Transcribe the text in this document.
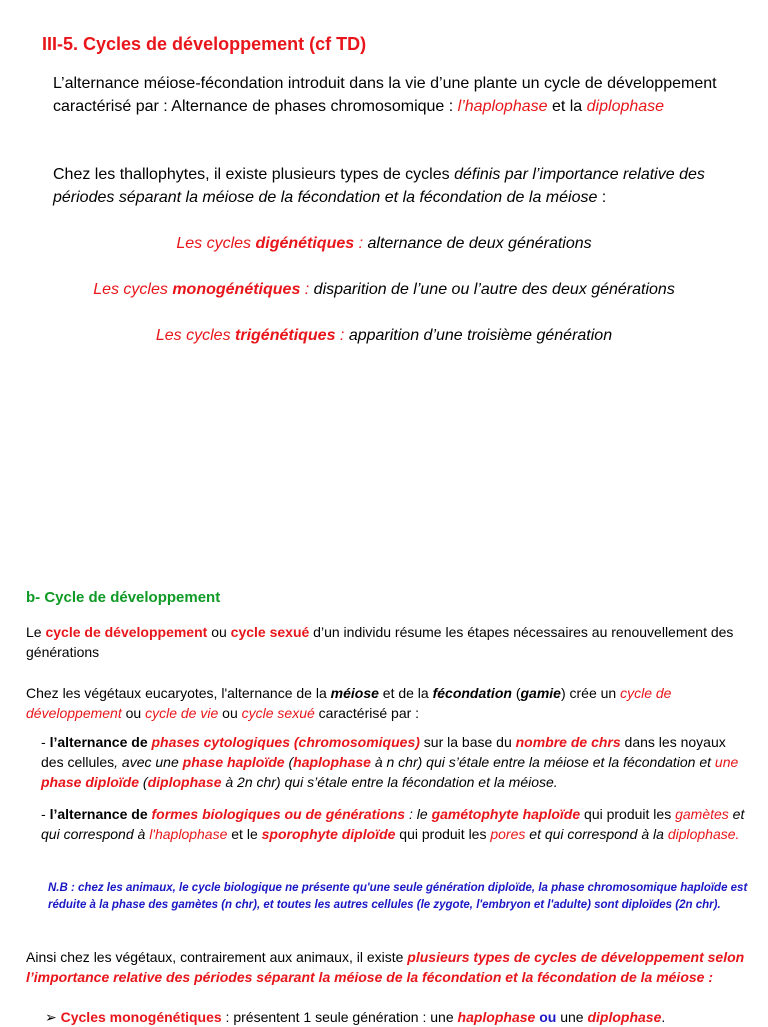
III-5. Cycles de développement (cf TD)
L’alternance méiose-fécondation introduit dans la vie d’une plante un cycle de développement caractérisé par : Alternance de phases chromosomique : l’haplophase et la diplophase
Chez les thallophytes, il existe plusieurs types de cycles définis par l’importance relative des périodes séparant la méiose de la fécondation et la fécondation de la méiose :
Les cycles digénétiques : alternance de deux générations
Les cycles monogénétiques : disparition de l’une ou l’autre des deux générations
Les cycles trigénétiques : apparition d’une troisième génération
b- Cycle de développement
Le cycle de développement ou cycle sexué d’un individu résume les étapes nécessaires au renouvellement des générations
Chez les végétaux eucaryotes, l'alternance de la méiose et de la fécondation (gamie) crée un cycle de développement ou cycle de vie ou cycle sexué caractérisé par :
- l’alternance de phases cytologiques (chromosomiques) sur la base du nombre de chrs dans les noyaux des cellules, avec une phase haploïde (haplophase à n chr) qui s’étale entre la méiose et la fécondation et une phase diploïde (diplophase à 2n chr) qui s’étale entre la fécondation et la méiose.
- l’alternance de formes biologiques ou de générations : le gamétophyte haploïde qui produit les gamètes et qui correspond à l'haplophase et le sporophyte diploïde qui produit les pores et qui correspond à la diplophase.
N.B : chez les animaux, le cycle biologique ne présente qu'une seule génération diploïde, la phase chromosomique haploïde est réduite à la phase des gamètes (n chr), et toutes les autres cellules (le zygote, l'embryon et l'adulte) sont diploïdes (2n chr).
Ainsi chez les végétaux, contrairement aux animaux, il existe plusieurs types de cycles de développement selon l’importance relative des périodes séparant la méiose de la fécondation et la fécondation de la méiose :
➢ Cycles monogénétiques : présentent 1 seule génération : une haplophase ou une diplophase.
